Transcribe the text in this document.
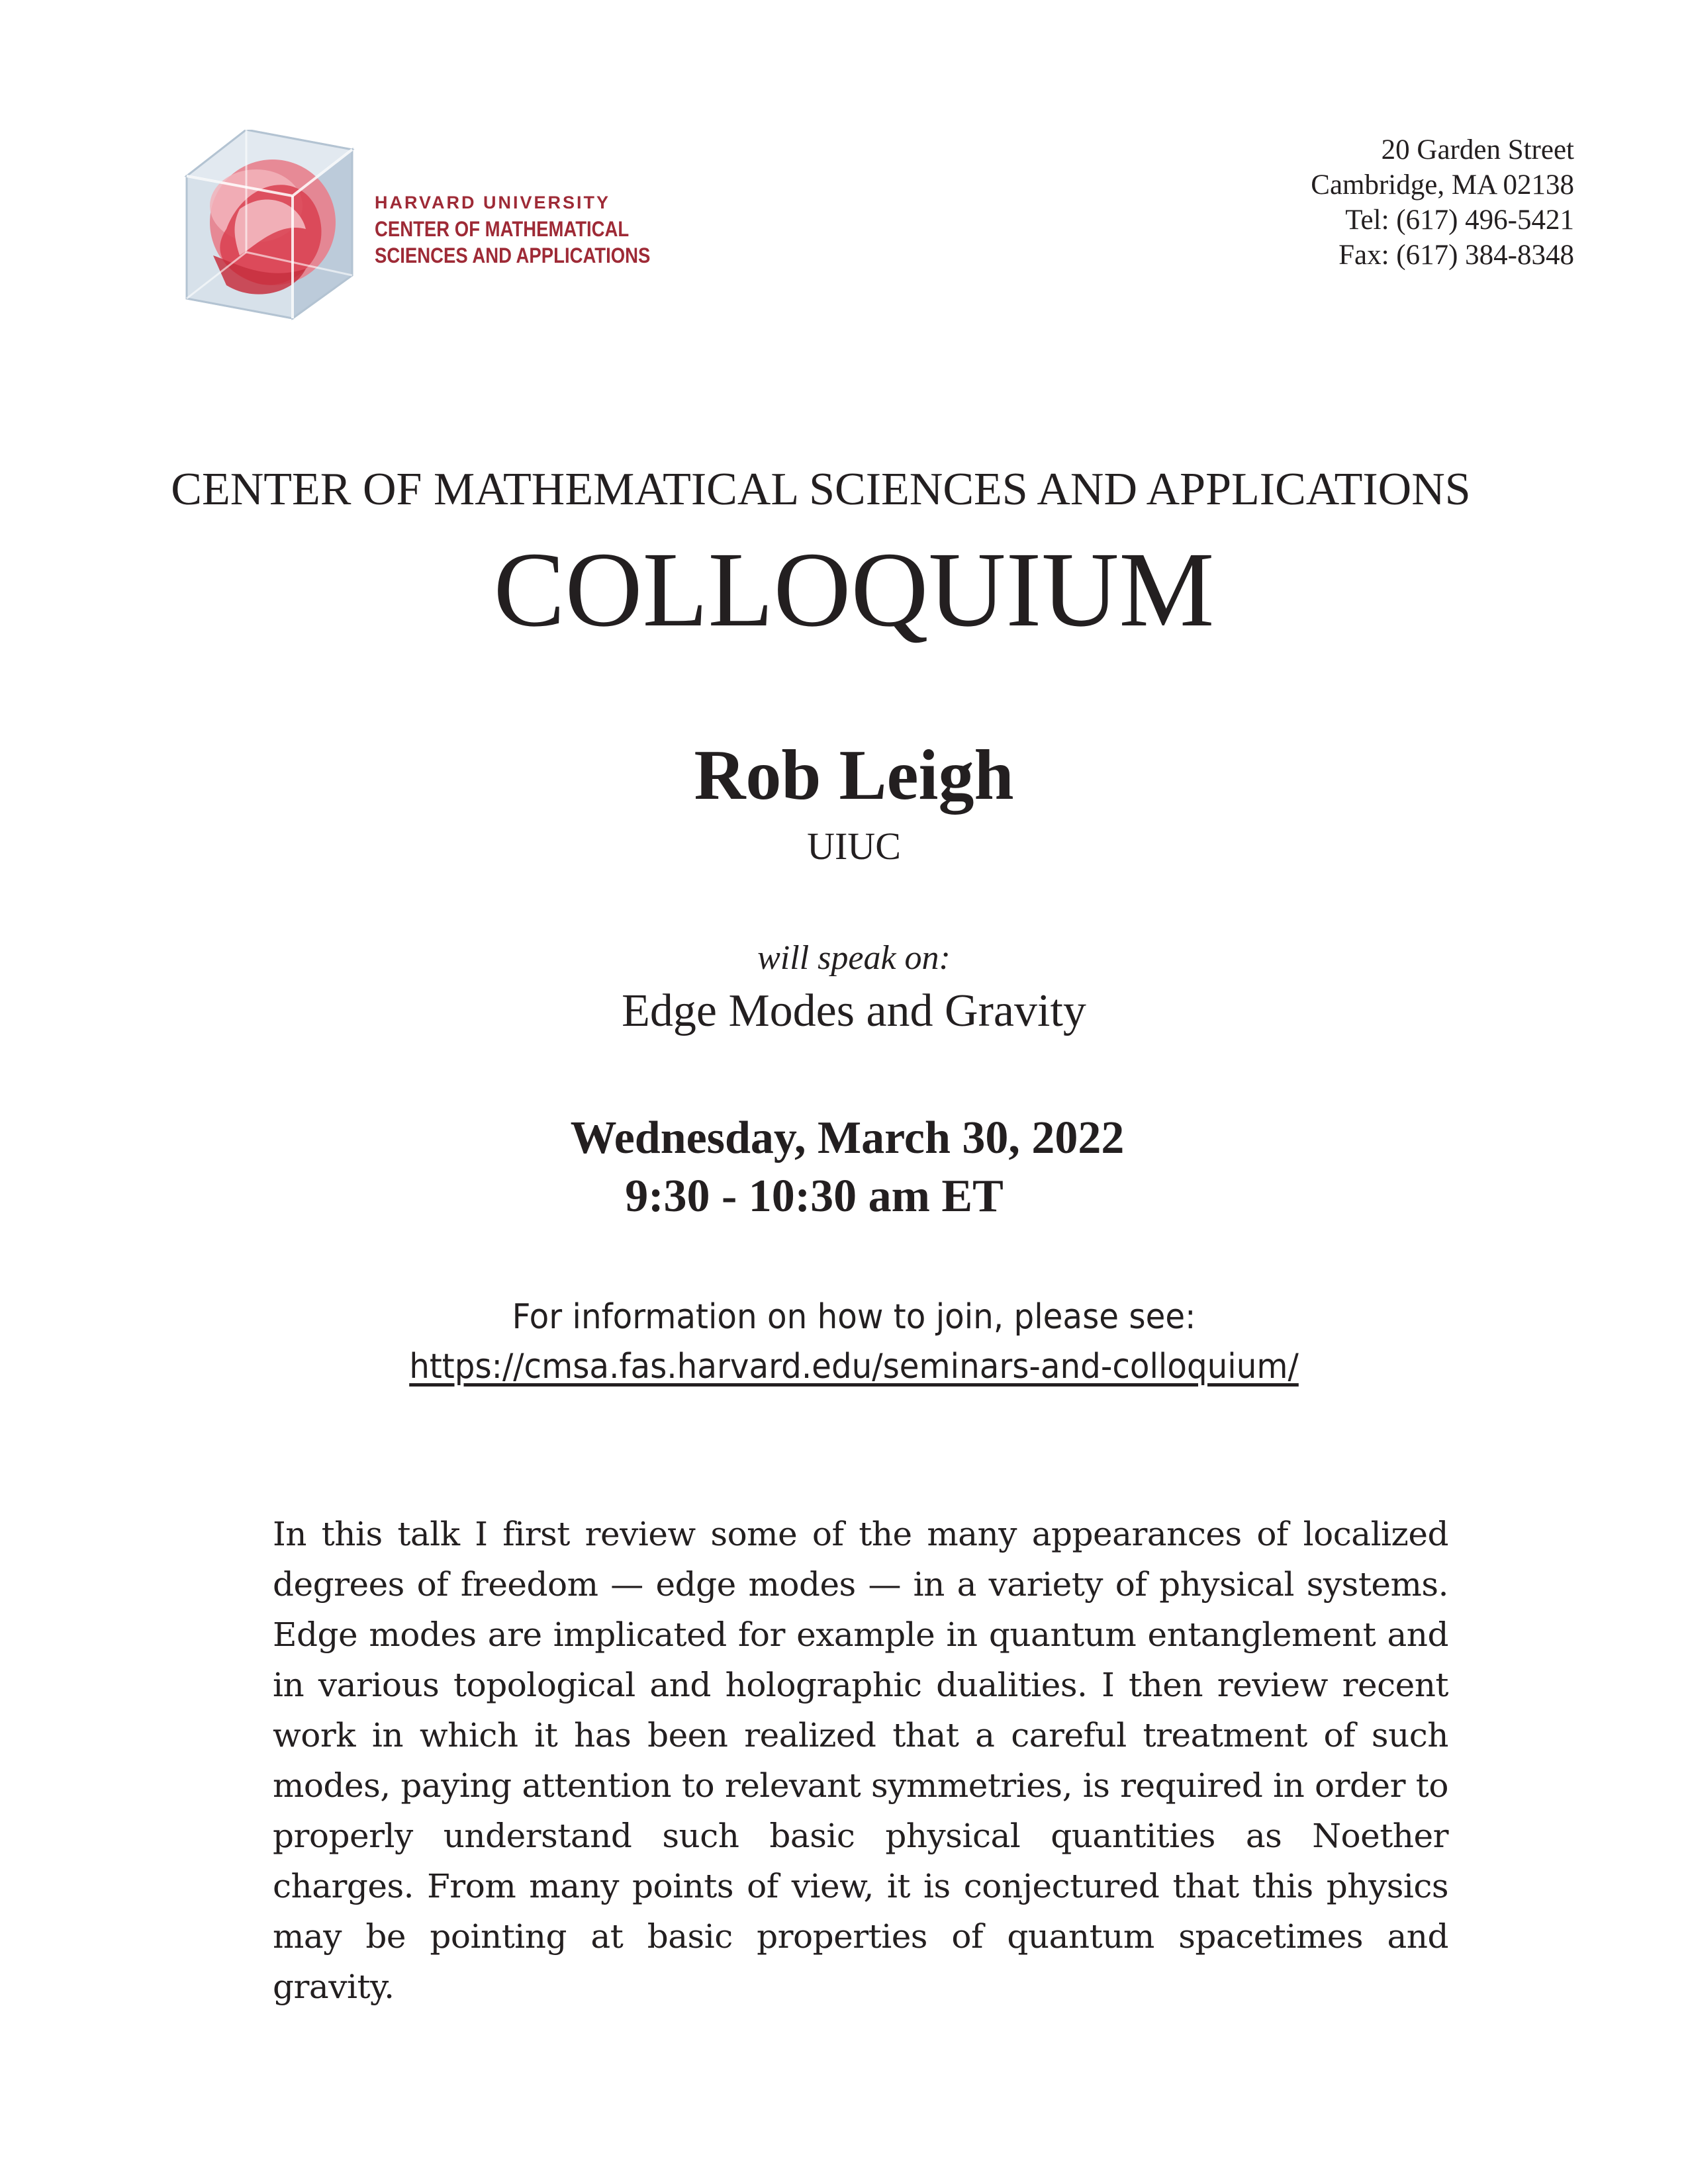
HARVARD UNIVERSITY
CENTER OF MATHEMATICAL
SCIENCES AND APPLICATIONS
20 Garden Street
Cambridge, MA 02138
Tel: (617) 496-5421
Fax: (617) 384-8348
CENTER OF MATHEMATICAL SCIENCES AND APPLICATIONS
COLLOQUIUM
Rob Leigh
UIUC
will speak on:
Edge Modes and Gravity
Wednesday, March 30, 2022
9:30 - 10:30 am ET
For information on how to join, please see:
https://cmsa.fas.harvard.edu/seminars-and-colloquium/
In this talk I first review some of the many appearances of localized degrees of freedom — edge modes — in a variety of physical systems. Edge modes are implicated for example in quantum entanglement and in various topological and holographic dualities. I then review recent work in which it has been realized that a careful treatment of such modes, paying attention to relevant symmetries, is required in order to properly understand such basic physical quantities as Noether charges. From many points of view, it is conjectured that this physics may be pointing at basic properties of quantum spacetimes and gravity.
